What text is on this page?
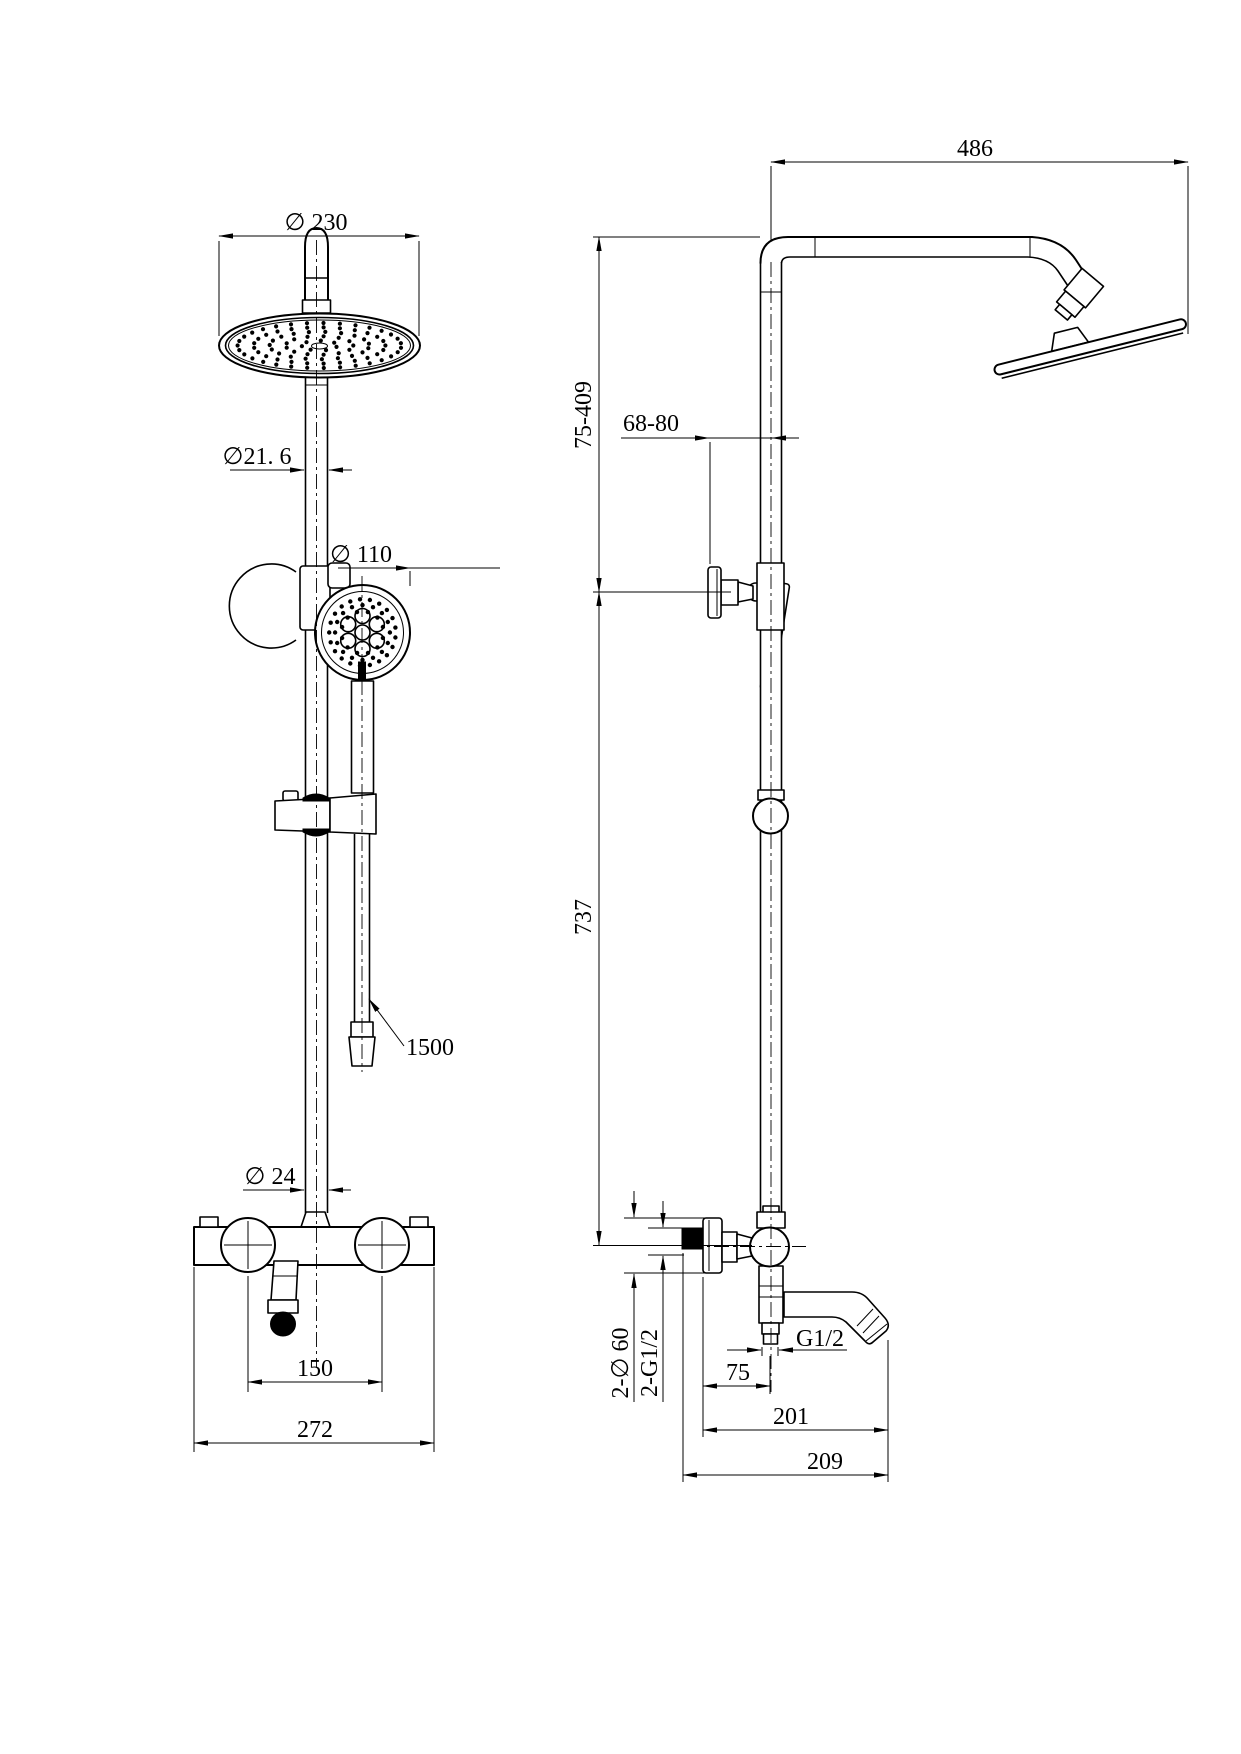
∅ 230
∅21. 6
∅ 110
1500
∅ 24
150
272
486
75-409 68-80
737
2-∅ 60 2-G1/2	G1/2
75
201
209
